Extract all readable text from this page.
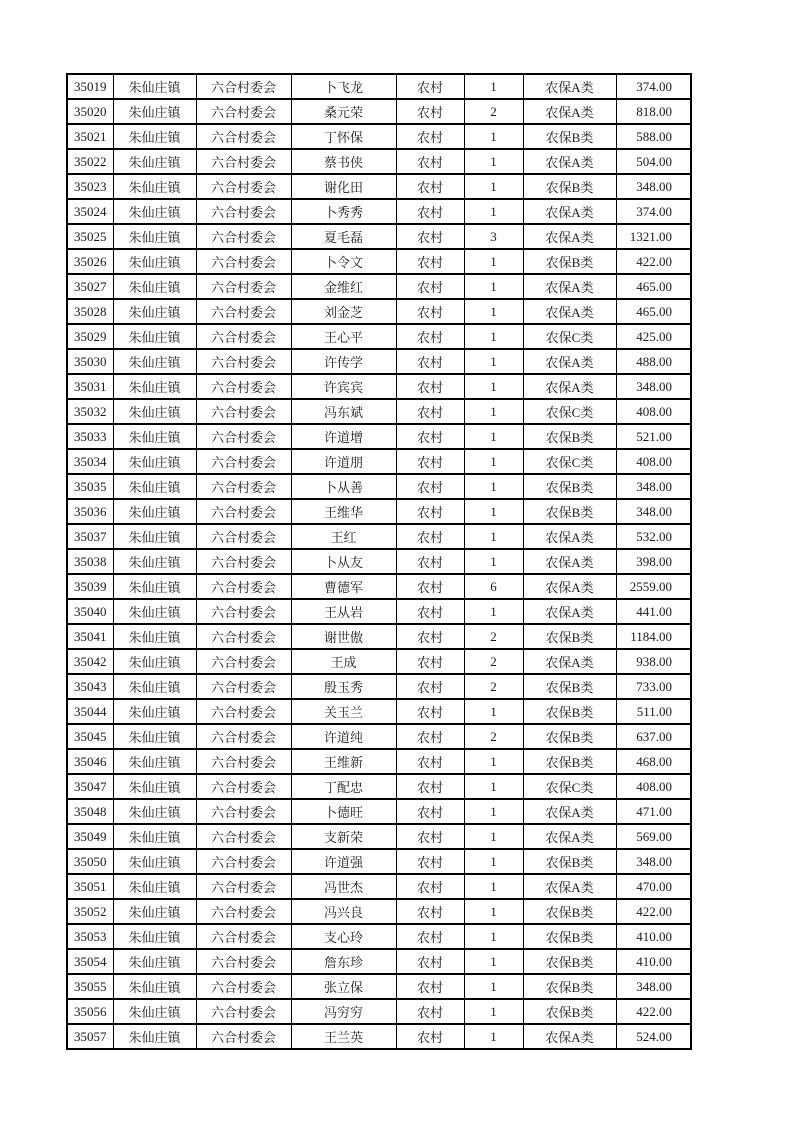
35019	朱仙庄镇	六合村委会	卜飞龙	农村	1	农保A类	374.00
35020	朱仙庄镇	六合村委会	桑元荣	农村	2	农保A类	818.00
35021	朱仙庄镇	六合村委会	丁怀保	农村	1	农保B类	588.00
35022	朱仙庄镇	六合村委会	蔡书侠	农村	1	农保A类	504.00
35023	朱仙庄镇	六合村委会	谢化田	农村	1	农保B类	348.00
35024	朱仙庄镇	六合村委会	卜秀秀	农村	1	农保A类	374.00
35025	朱仙庄镇	六合村委会	夏毛磊	农村	3	农保A类	1321.00
35026	朱仙庄镇	六合村委会	卜令文	农村	1	农保B类	422.00
35027	朱仙庄镇	六合村委会	金维红	农村	1	农保A类	465.00
35028	朱仙庄镇	六合村委会	刘金芝	农村	1	农保A类	465.00
35029	朱仙庄镇	六合村委会	王心平	农村	1	农保C类	425.00
35030	朱仙庄镇	六合村委会	许传学	农村	1	农保A类	488.00
35031	朱仙庄镇	六合村委会	许宾宾	农村	1	农保A类	348.00
35032	朱仙庄镇	六合村委会	冯东斌	农村	1	农保C类	408.00
35033	朱仙庄镇	六合村委会	许道增	农村	1	农保B类	521.00
35034	朱仙庄镇	六合村委会	许道朋	农村	1	农保C类	408.00
35035	朱仙庄镇	六合村委会	卜从善	农村	1	农保B类	348.00
35036	朱仙庄镇	六合村委会	王维华	农村	1	农保B类	348.00
35037	朱仙庄镇	六合村委会	王红	农村	1	农保A类	532.00
35038	朱仙庄镇	六合村委会	卜从友	农村	1	农保A类	398.00
35039	朱仙庄镇	六合村委会	曹德军	农村	6	农保A类	2559.00
35040	朱仙庄镇	六合村委会	王从岩	农村	1	农保A类	441.00
35041	朱仙庄镇	六合村委会	谢世傲	农村	2	农保B类	1184.00
35042	朱仙庄镇	六合村委会	王成	农村	2	农保A类	938.00
35043	朱仙庄镇	六合村委会	殷玉秀	农村	2	农保B类	733.00
35044	朱仙庄镇	六合村委会	关玉兰	农村	1	农保B类	511.00
35045	朱仙庄镇	六合村委会	许道纯	农村	2	农保B类	637.00
35046	朱仙庄镇	六合村委会	王维新	农村	1	农保B类	468.00
35047	朱仙庄镇	六合村委会	丁配忠	农村	1	农保C类	408.00
35048	朱仙庄镇	六合村委会	卜德旺	农村	1	农保A类	471.00
35049	朱仙庄镇	六合村委会	支新荣	农村	1	农保A类	569.00
35050	朱仙庄镇	六合村委会	许道强	农村	1	农保B类	348.00
35051	朱仙庄镇	六合村委会	冯世杰	农村	1	农保A类	470.00
35052	朱仙庄镇	六合村委会	冯兴良	农村	1	农保B类	422.00
35053	朱仙庄镇	六合村委会	支心玲	农村	1	农保B类	410.00
35054	朱仙庄镇	六合村委会	詹东珍	农村	1	农保B类	410.00
35055	朱仙庄镇	六合村委会	张立保	农村	1	农保B类	348.00
35056	朱仙庄镇	六合村委会	冯穷穷	农村	1	农保B类	422.00
35057	朱仙庄镇	六合村委会	王兰英	农村	1	农保A类	524.00
